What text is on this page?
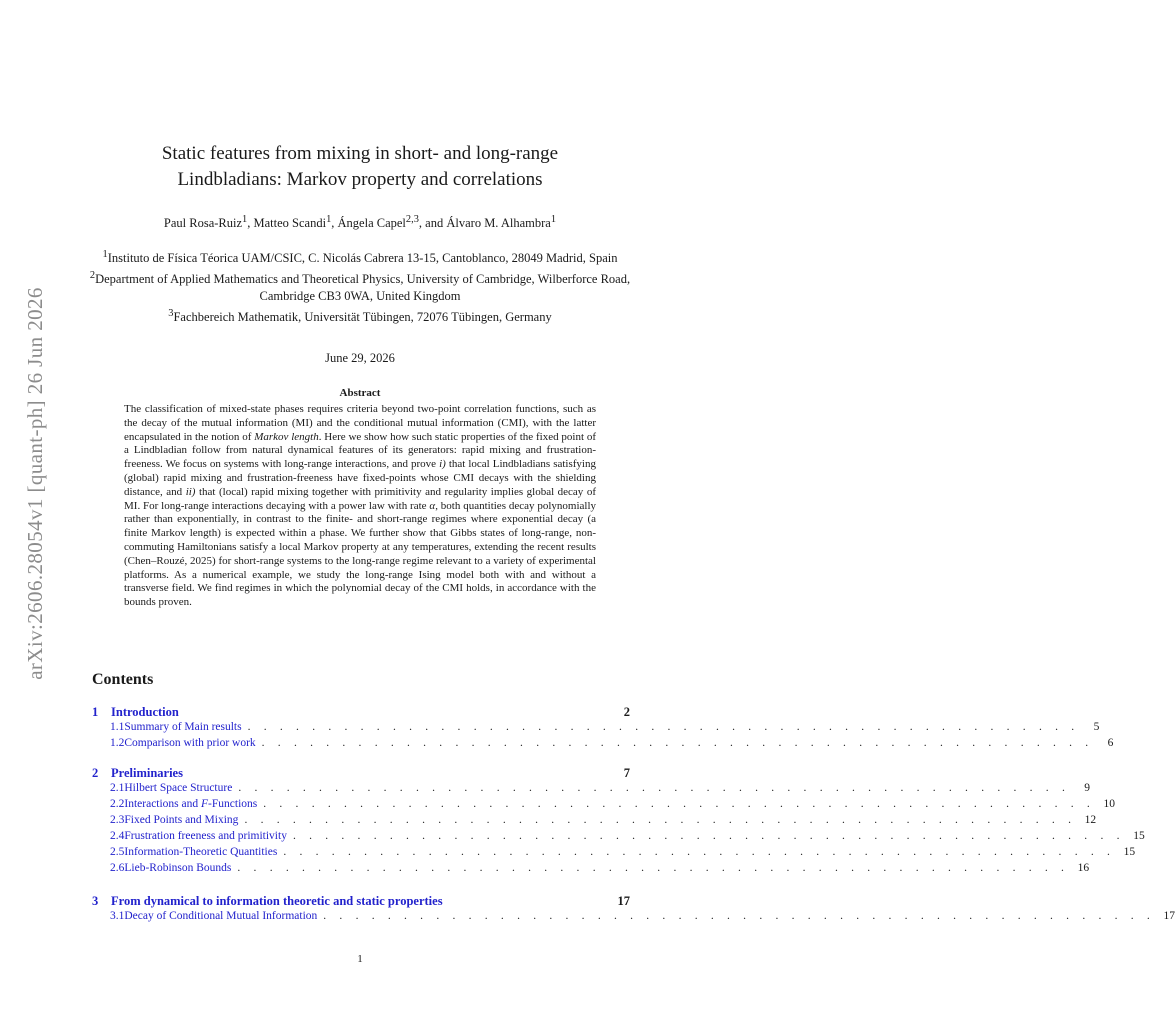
arXiv:2606.28054v1 [quant-ph] 26 Jun 2026
Static features from mixing in short- and long-range
Lindbladians: Markov property and correlations
Paul Rosa-Ruiz$^1$, Matteo Scandi$^1$, Ángela Capel$^{2,3}$, and Álvaro M. Alhambra$^1$
$^1$Instituto de Física Téorica UAM/CSIC, C. Nicolás Cabrera 13-15, Cantoblanco, 28049 Madrid, Spain
$^2$Department of Applied Mathematics and Theoretical Physics, University of Cambridge, Wilberforce Road, Cambridge CB3 0WA, United Kingdom
$^3$Fachbereich Mathematik, Universität Tübingen, 72076 Tübingen, Germany
June 29, 2026
Abstract
The classification of mixed-state phases requires criteria beyond two-point correlation functions, such as the decay of the mutual information (MI) and the conditional mutual information (CMI), with the latter encapsulated in the notion of Markov length. Here we show how such static properties of the fixed point of a Lindbladian follow from natural dynamical features of its generators: rapid mixing and frustration-freeness. We focus on systems with long-range interactions, and prove i) that local Lindbladians satisfying (global) rapid mixing and frustration-freeness have fixed-points whose CMI decays with the shielding distance, and ii) that (local) rapid mixing together with primitivity and regularity implies global decay of MI. For long-range interactions decaying with a power law with rate α, both quantities decay polynomially rather than exponentially, in contrast to the finite- and short-range regimes where exponential decay (a finite Markov length) is expected within a phase. We further show that Gibbs states of long-range, non-commuting Hamiltonians satisfy a local Markov property at any temperatures, extending the recent results (Chen–Rouzé, 2025) for short-range systems to the long-range regime relevant to a variety of experimental platforms. As a numerical example, we study the long-range Ising model both with and without a transverse field. We find regimes in which the polynomial decay of the CMI holds, in accordance with the bounds proven.
Contents
1	Introduction	2
1.1 Summary of Main results . . . . . . . . . . . . . . . . . . . . . . . . . . . . . . . . . . . . . . . . . . . . . . . . . . . .	5
1.2 Comparison with prior work . . . . . . . . . . . . . . . . . . . . . . . . . . . . . . . . . . . . . . . . . . . . . . . . . . . .	6
2	Preliminaries	7
2.1 Hilbert Space Structure . . . . . . . . . . . . . . . . . . . . . . . . . . . . . . . . . . . . . . . . . . . . . . . . . . . .	9
2.2 Interactions and F-Functions . . . . . . . . . . . . . . . . . . . . . . . . . . . . . . . . . . . . . . . . . . . . . . . . . . . . 10
2.3 Fixed Points and Mixing . . . . . . . . . . . . . . . . . . . . . . . . . . . . . . . . . . . . . . . . . . . . . . . . . . . . 12
2.4 Frustration freeness and primitivity . . . . . . . . . . . . . . . . . . . . . . . . . . . . . . . . . . . . . . . . . . . . . . . . . . . . 15
2.5 Information-Theoretic Quantities . . . . . . . . . . . . . . . . . . . . . . . . . . . . . . . . . . . . . . . . . . . . . . . . . . . . 15
2.6 Lieb-Robinson Bounds . . . . . . . . . . . . . . . . . . . . . . . . . . . . . . . . . . . . . . . . . . . . . . . . . . . . 16
3	From dynamical to information theoretic and static properties	17
3.1 Decay of Conditional Mutual Information . . . . . . . . . . . . . . . . . . . . . . . . . . . . . . . . . . . . . . . . . . . . . . . . . . . . 17
1
